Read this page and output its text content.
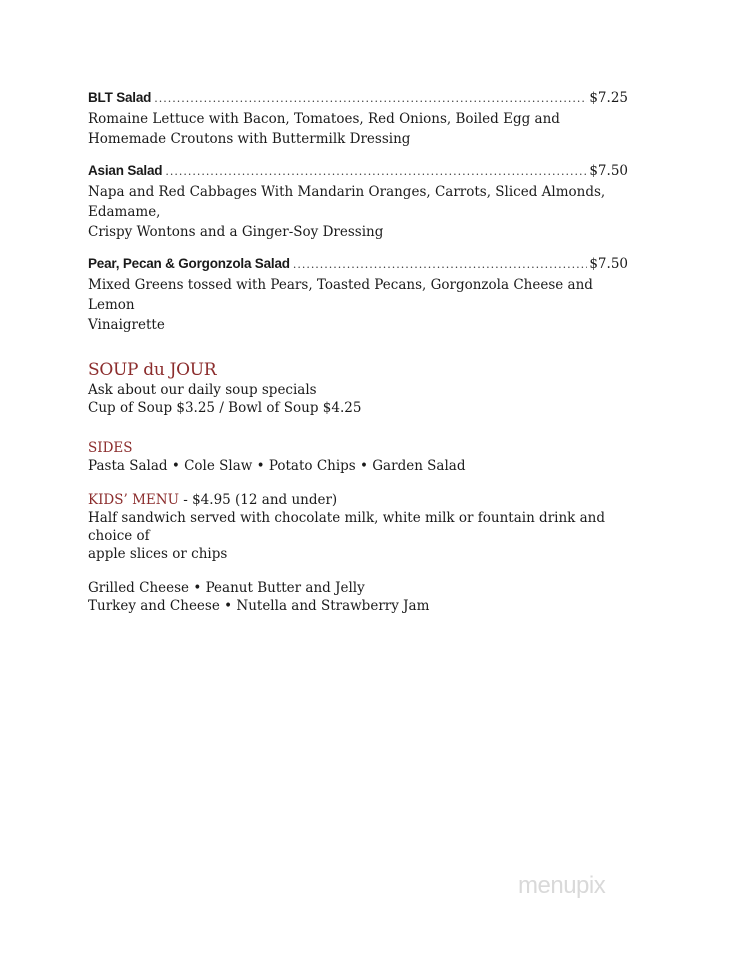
BLT Salad .....	$7.25
Romaine Lettuce with Bacon, Tomatoes, Red Onions, Boiled Egg and
Homemade Croutons with Buttermilk Dressing
Asian Salad .....	$7.50
Napa and Red Cabbages With Mandarin Oranges, Carrots, Sliced Almonds, Edamame,
Crispy Wontons and a Ginger-Soy Dressing
Pear, Pecan & Gorgonzola Salad .....	$7.50
Mixed Greens tossed with Pears, Toasted Pecans, Gorgonzola Cheese and Lemon
Vinaigrette
SOUP du JOUR
Ask about our daily soup specials
Cup of Soup $3.25 / Bowl of Soup $4.25
SIDES
Pasta Salad • Cole Slaw • Potato Chips • Garden Salad
KIDS’ MENU - $4.95 (12 and under)
Half sandwich served with chocolate milk, white milk or fountain drink and choice of
apple slices or chips
Grilled Cheese • Peanut Butter and Jelly
Turkey and Cheese • Nutella and Strawberry Jam
menupix
